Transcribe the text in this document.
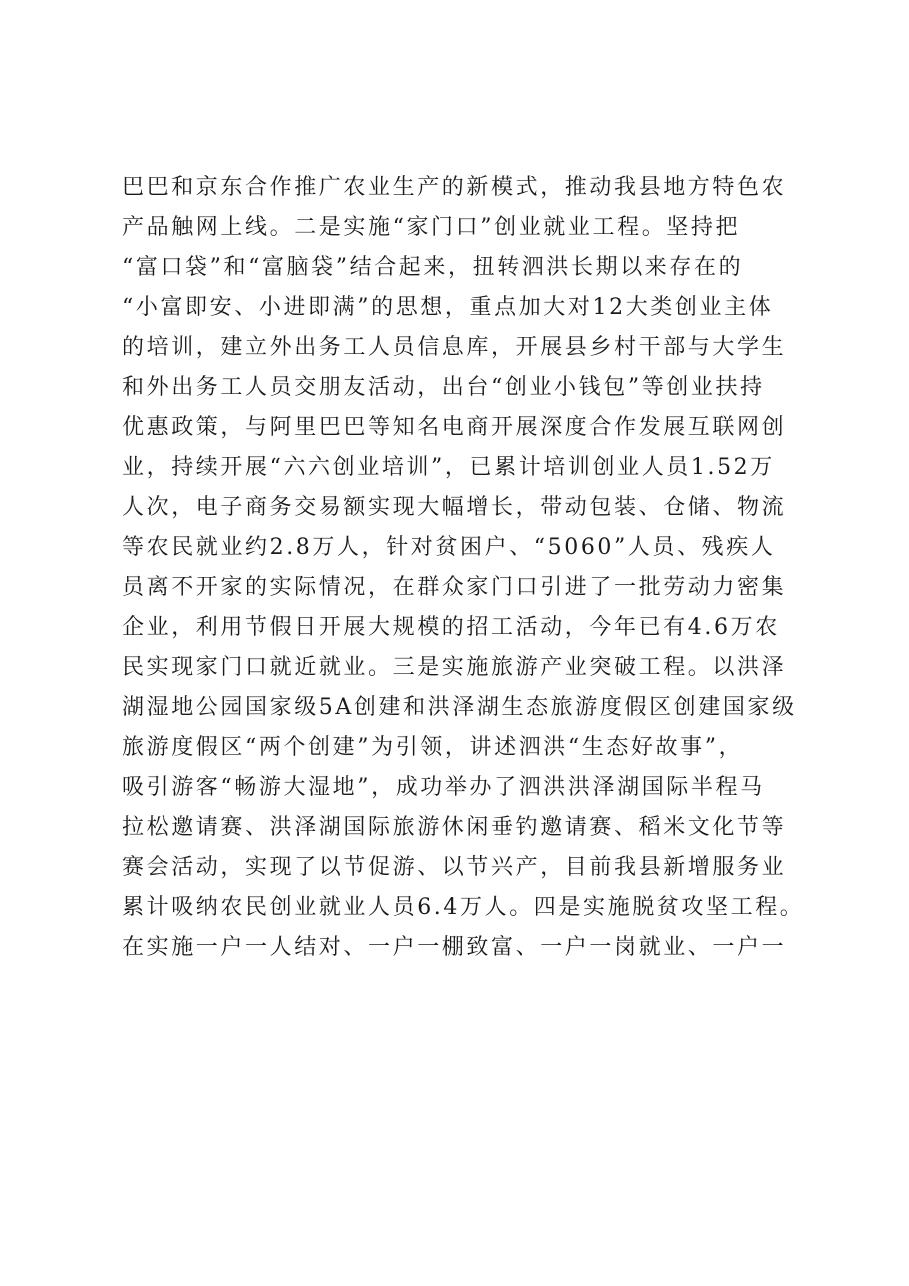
巴巴和京东合作推广农业生产的新模式，推动我县地方特色农
产品触网上线。二是实施“家门口”创业就业工程。坚持把
“富口袋”和“富脑袋”结合起来，扭转泗洪长期以来存在的
“小富即安、小进即满”的思想，重点加大对12大类创业主体
的培训，建立外出务工人员信息库，开展县乡村干部与大学生
和外出务工人员交朋友活动，出台“创业小钱包”等创业扶持
优惠政策，与阿里巴巴等知名电商开展深度合作发展互联网创
业，持续开展“六六创业培训”，已累计培训创业人员1.52万
人次，电子商务交易额实现大幅增长，带动包装、仓储、物流
等农民就业约2.8万人，针对贫困户、“5060”人员、残疾人
员离不开家的实际情况，在群众家门口引进了一批劳动力密集
企业，利用节假日开展大规模的招工活动，今年已有4.6万农
民实现家门口就近就业。三是实施旅游产业突破工程。以洪泽
湖湿地公园国家级5A创建和洪泽湖生态旅游度假区创建国家级
旅游度假区“两个创建”为引领，讲述泗洪“生态好故事”，
吸引游客“畅游大湿地”，成功举办了泗洪洪泽湖国际半程马
拉松邀请赛、洪泽湖国际旅游休闲垂钓邀请赛、稻米文化节等
赛会活动，实现了以节促游、以节兴产，目前我县新增服务业
累计吸纳农民创业就业人员6.4万人。四是实施脱贫攻坚工程。
在实施一户一人结对、一户一棚致富、一户一岗就业、一户一
